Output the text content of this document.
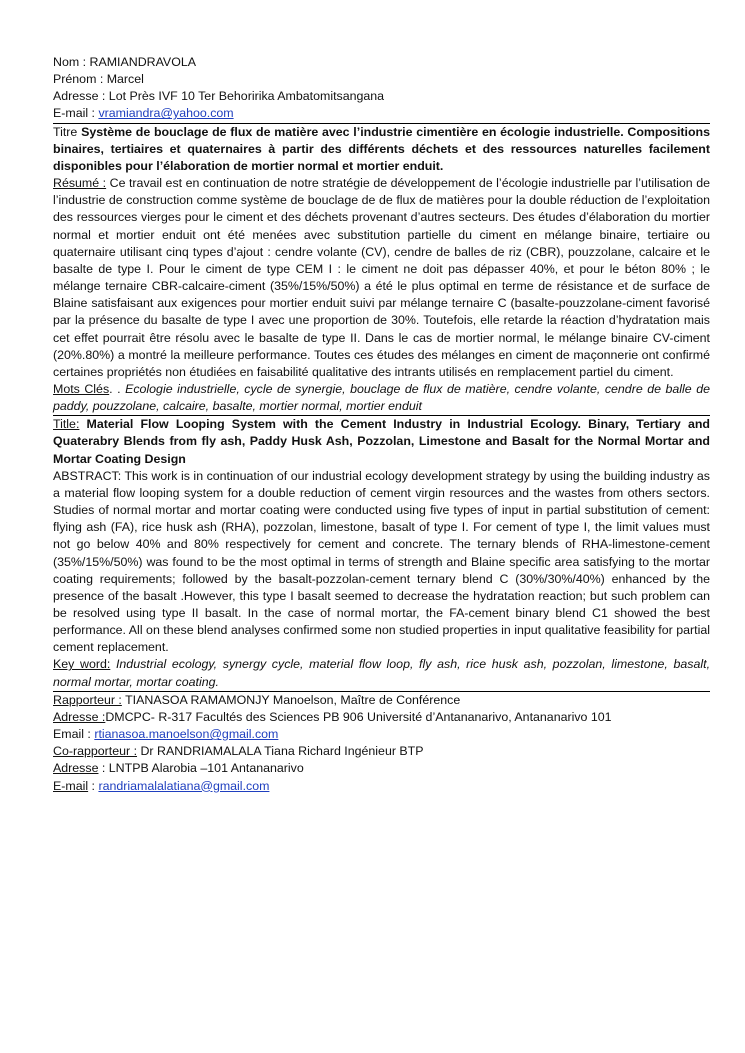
Nom : RAMIANDRAVOLA
Prénom : Marcel
Adresse : Lot Près IVF 10 Ter Behoririka Ambatomitsangana
E-mail : vramiandra@yahoo.com
Titre Système de bouclage de flux de matière avec l’industrie cimentière en écologie industrielle. Compositions binaires, tertiaires et quaternaires à partir des différents déchets et des ressources naturelles facilement disponibles pour l’élaboration de mortier normal et mortier enduit.
Résumé : Ce travail est en continuation de notre stratégie de développement de l’écologie industrielle par l’utilisation de l’industrie de construction comme système de bouclage de de flux de matières pour la double réduction de l’exploitation des ressources vierges pour le ciment et des déchets provenant d’autres secteurs. Des études d’élaboration du mortier normal et mortier enduit ont été menées avec substitution partielle du ciment en mélange binaire, tertiaire ou quaternaire utilisant cinq types d’ajout : cendre volante (CV), cendre de balles de riz (CBR), pouzzolane, calcaire et le basalte de type I. Pour le ciment de type CEM I : le ciment ne doit pas dépasser 40%, et pour le béton 80% ; le mélange ternaire CBR-calcaire-ciment (35%/15%/50%) a été le plus optimal en terme de résistance et de surface de Blaine satisfaisant aux exigences pour mortier enduit suivi par mélange ternaire C (basalte-pouzzolane-ciment favorisé par la présence du basalte de type I avec une proportion de 30%. Toutefois, elle retarde la réaction d’hydratation mais cet effet pourrait être résolu avec le basalte de type II. Dans le cas de mortier normal, le mélange binaire CV-ciment (20%.80%) a montré la meilleure performance. Toutes ces études des mélanges en ciment de maçonnerie ont confirmé certaines propriétés non étudiées en faisabilité qualitative des intrants utilisés en remplacement partiel du ciment.
Mots Clés. . Ecologie industrielle, cycle de synergie, bouclage de flux de matière, cendre volante, cendre de balle de paddy, pouzzolane, calcaire, basalte, mortier normal, mortier enduit
Title: Material Flow Looping System with the Cement Industry in Industrial Ecology. Binary, Tertiary and Quaterabry Blends from fly ash, Paddy Husk Ash, Pozzolan, Limestone and Basalt for the Normal Mortar and Mortar Coating Design
ABSTRACT: This work is in continuation of our industrial ecology development strategy by using the building industry as a material flow looping system for a double reduction of cement virgin resources and the wastes from others sectors. Studies of normal mortar and mortar coating were conducted using five types of input in partial substitution of cement: flying ash (FA), rice husk ash (RHA), pozzolan, limestone, basalt of type I. For cement of type I, the limit values must not go below 40% and 80% respectively for cement and concrete. The ternary blends of RHA-limestone-cement (35%/15%/50%) was found to be the most optimal in terms of strength and Blaine specific area satisfying to the mortar coating requirements; followed by the basalt-pozzolan-cement ternary blend C (30%/30%/40%) enhanced by the presence of the basalt .However, this type I basalt seemed to decrease the hydratation reaction; but such problem can be resolved using type II basalt. In the case of normal mortar, the FA-cement binary blend C1 showed the best performance. All on these blend analyses confirmed some non studied properties in input qualitative feasibility for partial cement replacement.
Key word: Industrial ecology, synergy cycle, material flow loop, fly ash, rice husk ash, pozzolan, limestone, basalt, normal mortar, mortar coating.
Rapporteur : TIANASOA RAMAMONJY Manoelson, Maître de Conférence
Adresse :DMCPC- R-317 Facultés des Sciences PB 906 Université d’Antananarivo, Antananarivo 101
Email : rtianasoa.manoelson@gmail.com
Co-rapporteur : Dr RANDRIAMALALA Tiana Richard Ingénieur BTP
Adresse : LNTPB Alarobia –101 Antananarivo
E-mail : randriamalalatiana@gmail.com
